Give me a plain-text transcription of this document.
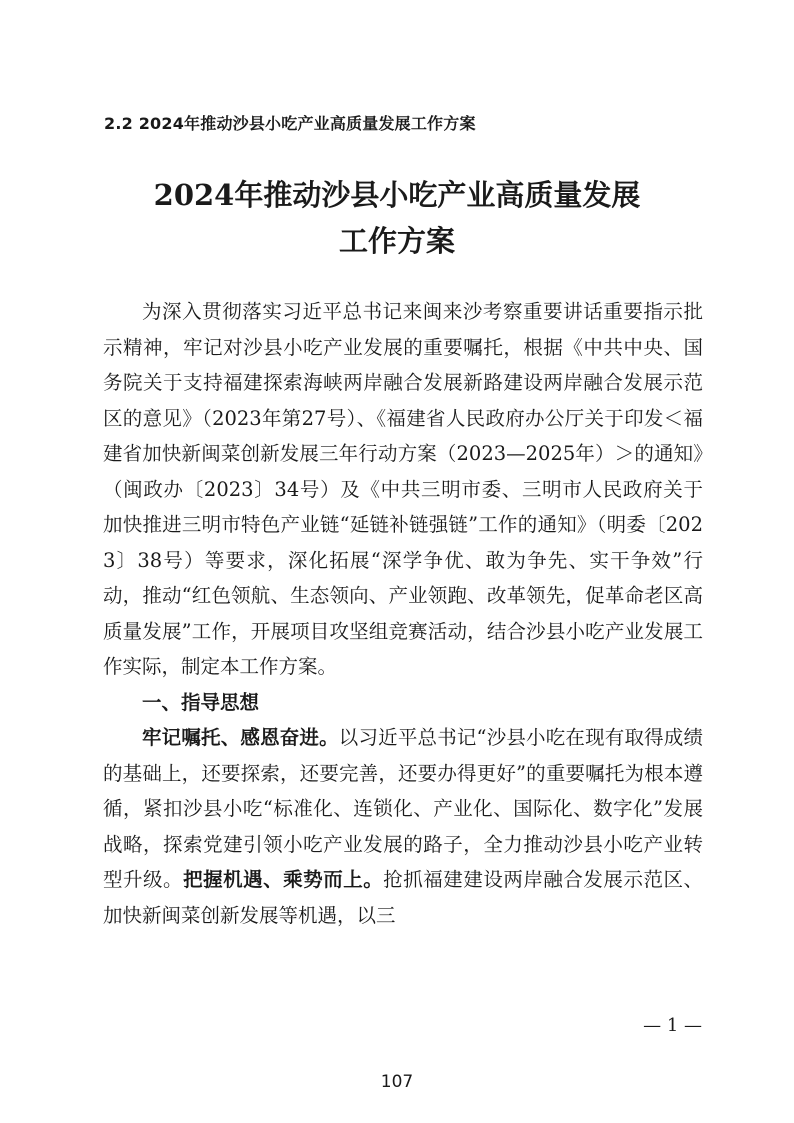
2.2 2024年推动沙县小吃产业高质量发展工作方案
2024年推动沙县小吃产业高质量发展
工作方案

为深入贯彻落实习近平总书记来闽来沙考察重要讲话重要指示批示精神，牢记对沙县小吃产业发展的重要嘱托，根据《中共中央、国务院关于支持福建探索海峡两岸融合发展新路建设两岸融合发展示范区的意见》（2023年第27号）、《福建省人民政府办公厅关于印发＜福建省加快新闽菜创新发展三年行动方案（2023—2025年）＞的通知》（闽政办〔2023〕34号）及《中共三明市委、三明市人民政府关于加快推进三明市特色产业链“延链补链强链”工作的通知》（明委〔2023〕38号）等要求，深化拓展“深学争优、敢为争先、实干争效”行动，推动“红色领航、生态领向、产业领跑、改革领先，促革命老区高质量发展”工作，开展项目攻坚组竞赛活动，结合沙县小吃产业发展工作实际，制定本工作方案。

一、指导思想

牢记嘱托、感恩奋进。以习近平总书记“沙县小吃在现有取得成绩的基础上，还要探索，还要完善，还要办得更好”的重要嘱托为根本遵循，紧扣沙县小吃“标准化、连锁化、产业化、国际化、数字化”发展战略，探索党建引领小吃产业发展的路子，全力推动沙县小吃产业转型升级。把握机遇、乘势而上。抢抓福建建设两岸融合发展示范区、加快新闽菜创新发展等机遇，以三

— 1 —
107
